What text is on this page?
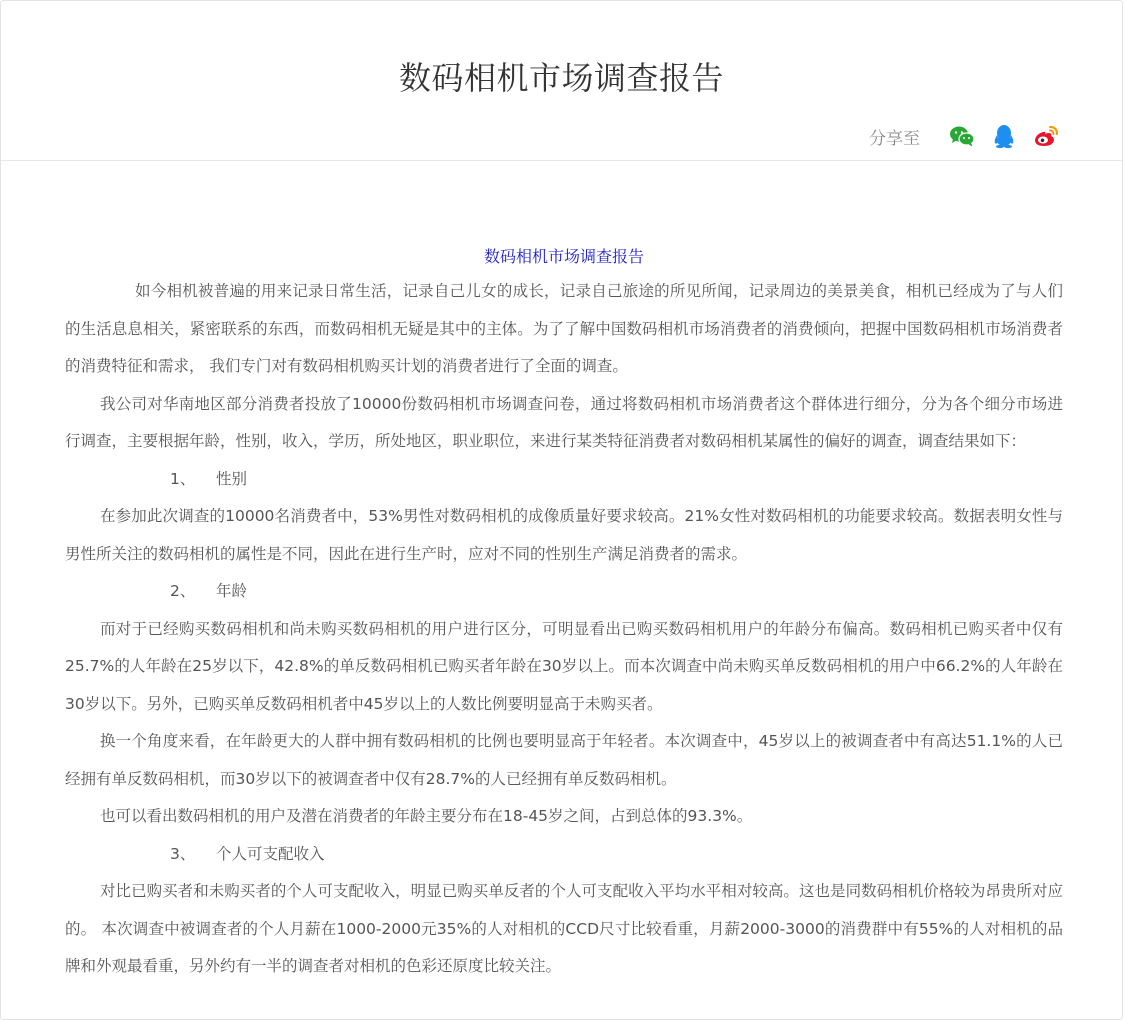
数码相机市场调查报告
分享至
数码相机市场调查报告

如今相机被普遍的用来记录日常生活，记录自己儿女的成长，记录自己旅途的所见所闻，记录周边的美景美食，相机已经成为了与人们的生活息息相关，紧密联系的东西，而数码相机无疑是其中的主体。为了了解中国数码相机市场消费者的消费倾向，把握中国数码相机市场消费者的消费特征和需求， 我们专门对有数码相机购买计划的消费者进行了全面的调查。

我公司对华南地区部分消费者投放了10000份数码相机市场调查问卷，通过将数码相机市场消费者这个群体进行细分，分为各个细分市场进行调查，主要根据年龄，性别，收入，学历，所处地区，职业职位，来进行某类特征消费者对数码相机某属性的偏好的调查，调查结果如下：

1、 性别

在参加此次调查的10000名消费者中，53%男性对数码相机的成像质量好要求较高。21%女性对数码相机的功能要求较高。数据表明女性与男性所关注的数码相机的属性是不同，因此在进行生产时，应对不同的性别生产满足消费者的需求。

2、 年龄

而对于已经购买数码相机和尚未购买数码相机的用户进行区分，可明显看出已购买数码相机用户的年龄分布偏高。数码相机已购买者中仅有25.7%的人年龄在25岁以下，42.8%的单反数码相机已购买者年龄在30岁以上。而本次调查中尚未购买单反数码相机的用户中66.2%的人年龄在30岁以下。另外，已购买单反数码相机者中45岁以上的人数比例要明显高于未购买者。

换一个角度来看，在年龄更大的人群中拥有数码相机的比例也要明显高于年轻者。本次调查中，45岁以上的被调查者中有高达51.1%的人已经拥有单反数码相机，而30岁以下的被调查者中仅有28.7%的人已经拥有单反数码相机。

也可以看出数码相机的用户及潜在消费者的年龄主要分布在18-45岁之间，占到总体的93.3%。

3、 个人可支配收入

对比已购买者和未购买者的个人可支配收入，明显已购买单反者的个人可支配收入平均水平相对较高。这也是同数码相机价格较为昂贵所对应的。 本次调查中被调查者的个人月薪在1000-2000元35%的人对相机的CCD尺寸比较看重，月薪2000-3000的消费群中有55%的人对相机的品牌和外观最看重，另外约有一半的调查者对相机的色彩还原度比较关注。
